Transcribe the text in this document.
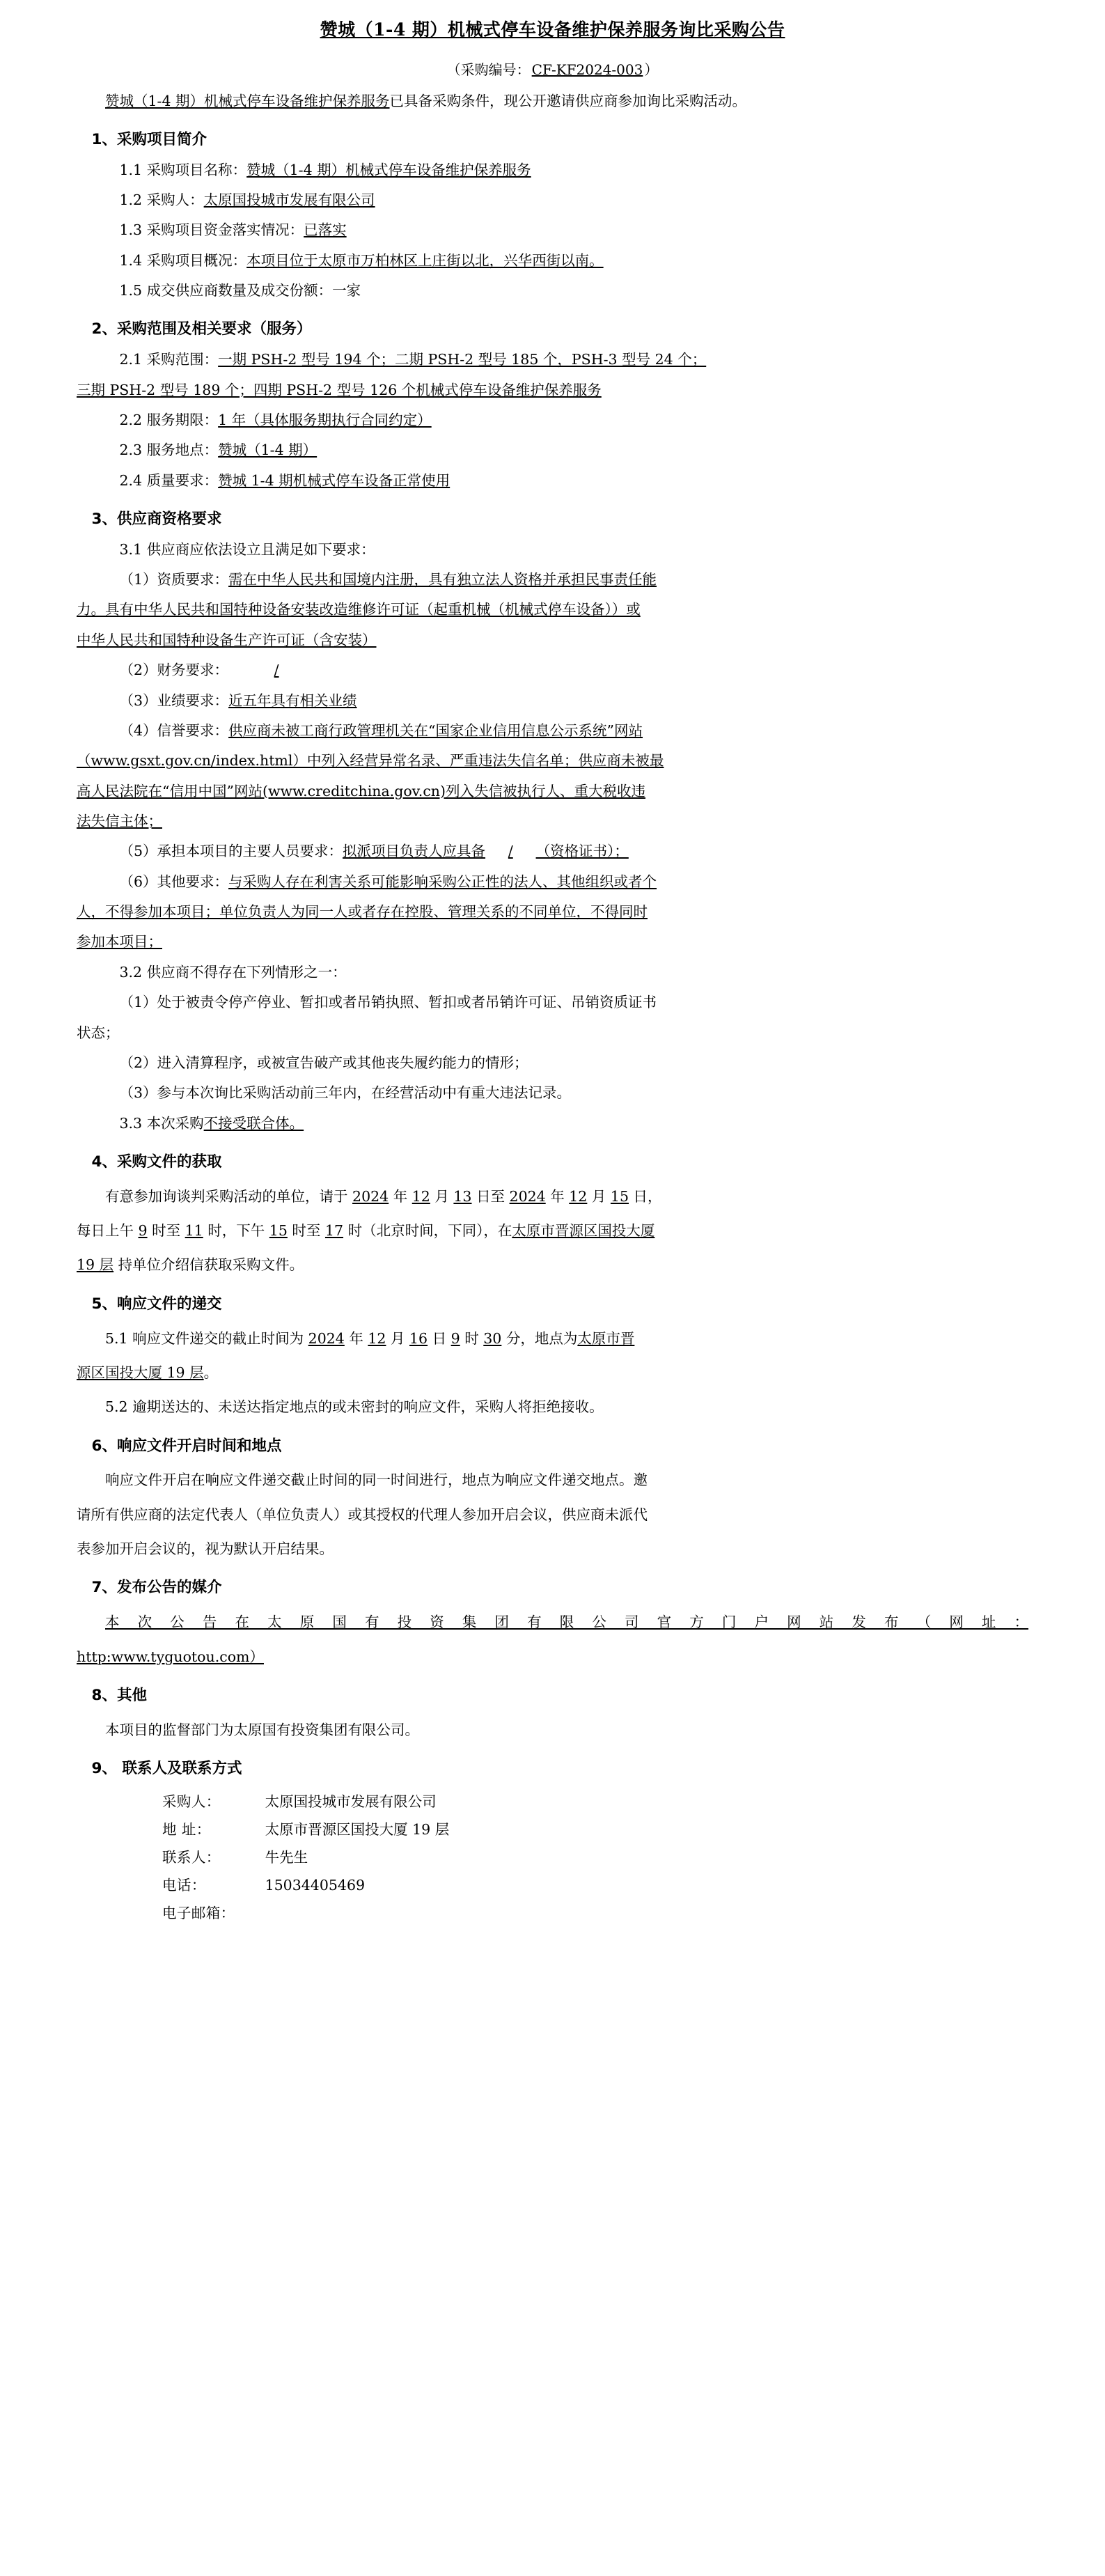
赞城（1-4 期）机械式停车设备维护保养服务询比采购公告

（采购编号： CF-KF2024-003 ）

赞城（1-4 期）机械式停车设备维护保养服务已具备采购条件，现公开邀请供应商参加询比采购活动。

1、采购项目简介

1.1 采购项目名称：赞城（1-4 期）机械式停车设备维护保养服务

1.2 采购人：太原国投城市发展有限公司

1.3 采购项目资金落实情况：已落实

1.4 采购项目概况：本项目位于太原市万柏林区上庄街以北，兴华西街以南。

1.5 成交供应商数量及成交份额：一家

2、采购范围及相关要求（服务）

2.1 采购范围：一期 PSH-2 型号 194 个；二期 PSH-2 型号 185 个，PSH-3 型号 24 个；

三期 PSH-2 型号 189 个；四期 PSH-2 型号 126 个机械式停车设备维护保养服务

2.2 服务期限：1 年（具体服务期执行合同约定）

2.3 服务地点：赞城（1-4 期）

2.4 质量要求：赞城 1-4 期机械式停车设备正常使用

3、供应商资格要求

3.1 供应商应依法设立且满足如下要求：

（1）资质要求：需在中华人民共和国境内注册，具有独立法人资格并承担民事责任能

力。具有中华人民共和国特种设备安装改造维修许可证（起重机械（机械式停车设备））或

中华人民共和国特种设备生产许可证（含安装）

（2）财务要求：	/

（3）业绩要求：近五年具有相关业绩

（4）信誉要求：供应商未被工商行政管理机关在“国家企业信用信息公示系统”网站

（www.gsxt.gov.cn/index.html）中列入经营异常名录、严重违法失信名单；供应商未被最

高人民法院在“信用中国”网站(www.creditchina.gov.cn)列入失信被执行人、重大税收违

法失信主体；

（5）承担本项目的主要人员要求：拟派项目负责人应具备 / （资格证书）；

（6）其他要求：与采购人存在利害关系可能影响采购公正性的法人、其他组织或者个

人，不得参加本项目；单位负责人为同一人或者存在控股、管理关系的不同单位，不得同时

参加本项目；

3.2 供应商不得存在下列情形之一：

（1）处于被责令停产停业、暂扣或者吊销执照、暂扣或者吊销许可证、吊销资质证书

状态；

（2）进入清算程序，或被宣告破产或其他丧失履约能力的情形；

（3）参与本次询比采购活动前三年内，在经营活动中有重大违法记录。

3.3 本次采购不接受联合体。

4、采购文件的获取

有意参加询谈判采购活动的单位，请于 2024 年 12 月 13 日至 2024 年 12 月 15 日，

每日上午 9 时至 11 时，下午 15 时至 17 时（北京时间，下同），在太原市晋源区国投大厦

19 层 持单位介绍信获取采购文件。

5、响应文件的递交

5.1 响应文件递交的截止时间为 2024 年 12 月 16 日 9 时 30 分，地点为太原市晋

源区国投大厦 19 层。

5.2 逾期送达的、未送达指定地点的或未密封的响应文件，采购人将拒绝接收。

6、响应文件开启时间和地点

响应文件开启在响应文件递交截止时间的同一时间进行，地点为响应文件递交地点。邀

请所有供应商的法定代表人（单位负责人）或其授权的代理人参加开启会议，供应商未派代

表参加开启会议的，视为默认开启结果。

7、发布公告的媒介

本次公告在太原国有投资集团有限公司官方门户网站发布（网址：

http:www.tyguotou.com）

8、其他

本项目的监督部门为太原国有投资集团有限公司。

9、 联系人及联系方式

采购人：	太原国投城市发展有限公司
地 址：	太原市晋源区国投大厦 19 层
联系人：	牛先生
电话：	15034405469
电子邮箱：
